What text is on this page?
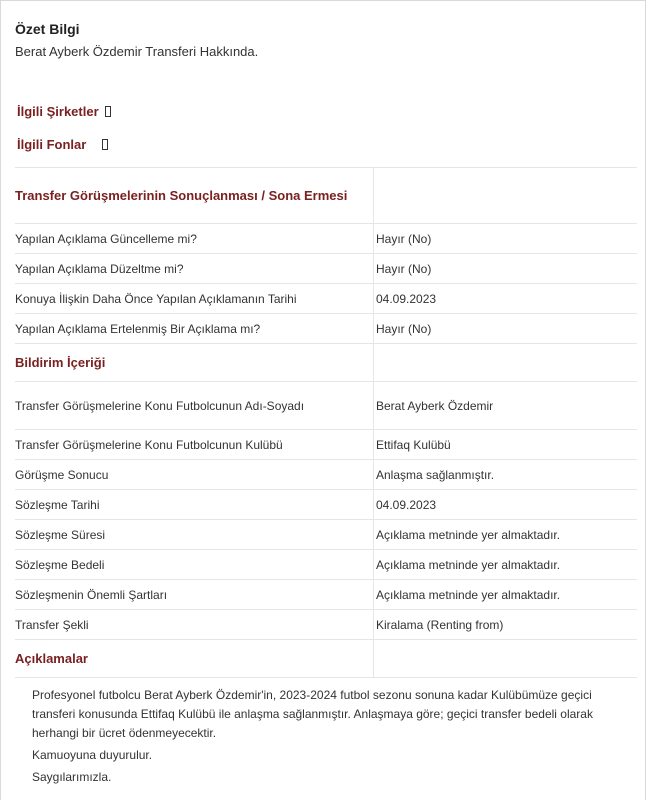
Özet Bilgi
Berat Ayberk Özdemir Transferi Hakkında.
İlgili Şirketler
İlgili Fonlar
Transfer Görüşmelerinin Sonuçlanması / Sona Ermesi	
Yapılan Açıklama Güncelleme mi?	Hayır (No)
Yapılan Açıklama Düzeltme mi?	Hayır (No)
Konuya İlişkin Daha Önce Yapılan Açıklamanın Tarihi	04.09.2023
Yapılan Açıklama Ertelenmiş Bir Açıklama mı?	Hayır (No)
Bildirim İçeriği	
Transfer Görüşmelerine Konu Futbolcunun Adı-Soyadı	Berat Ayberk Özdemir
Transfer Görüşmelerine Konu Futbolcunun Kulübü	Ettifaq Kulübü
Görüşme Sonucu	Anlaşma sağlanmıştır.
Sözleşme Tarihi	04.09.2023
Sözleşme Süresi	Açıklama metninde yer almaktadır.
Sözleşme Bedeli	Açıklama metninde yer almaktadır.
Sözleşmenin Önemli Şartları	Açıklama metninde yer almaktadır.
Transfer Şekli	Kiralama (Renting from)
Açıklamalar	

Profesyonel futbolcu Berat Ayberk Özdemir'in, 2023-2024 futbol sezonu sonuna kadar Kulübümüze geçici transferi konusunda Ettifaq Kulübü ile anlaşma sağlanmıştır. Anlaşmaya göre; geçici transfer bedeli olarak herhangi bir ücret ödenmeyecektir.

Kamuoyuna duyurulur.

Saygılarımızla.
